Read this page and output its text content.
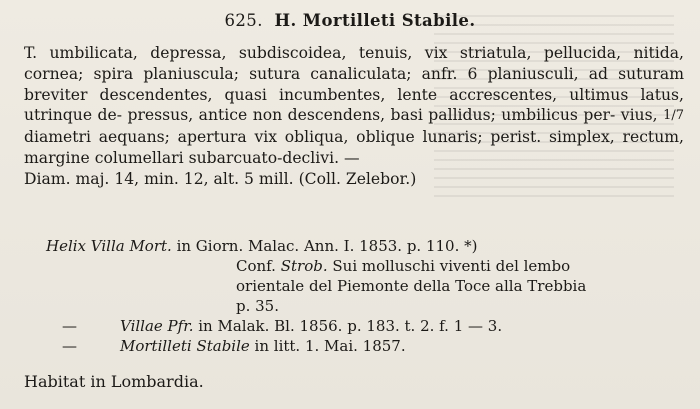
625. H. Mortilleti Stabile.
T. umbilicata, depressa, subdiscoidea, tenuis, vix striatula, pellucida, nitida, cornea; spira planiuscula; sutura canaliculata; anfr. 6 planiusculi, ad suturam breviter descendentes, quasi incumbentes, lente accrescentes, ultimus latus, utrinque de- pressus, antice non descendens, basi pallidus; umbilicus per- vius, 1/7 diametri aequans; apertura vix obliqua, oblique lunaris; perist. simplex, rectum, margine columellari subarcuato-declivi. —
Diam. maj. 14, min. 12, alt. 5 mill. (Coll. Zelebor.)
Helix Villa Mort. in Giorn. Malac. Ann. I. 1853. p. 110. *)
Conf. Strob. Sui molluschi viventi del lembo
orientale del Piemonte della Toce alla Trebbia
p. 35.
—	Villae Pfr. in Malak. Bl. 1856. p. 183. t. 2. f. 1 — 3.
—	Mortilleti Stabile in litt. 1. Mai. 1857.
Habitat in Lombardia.
